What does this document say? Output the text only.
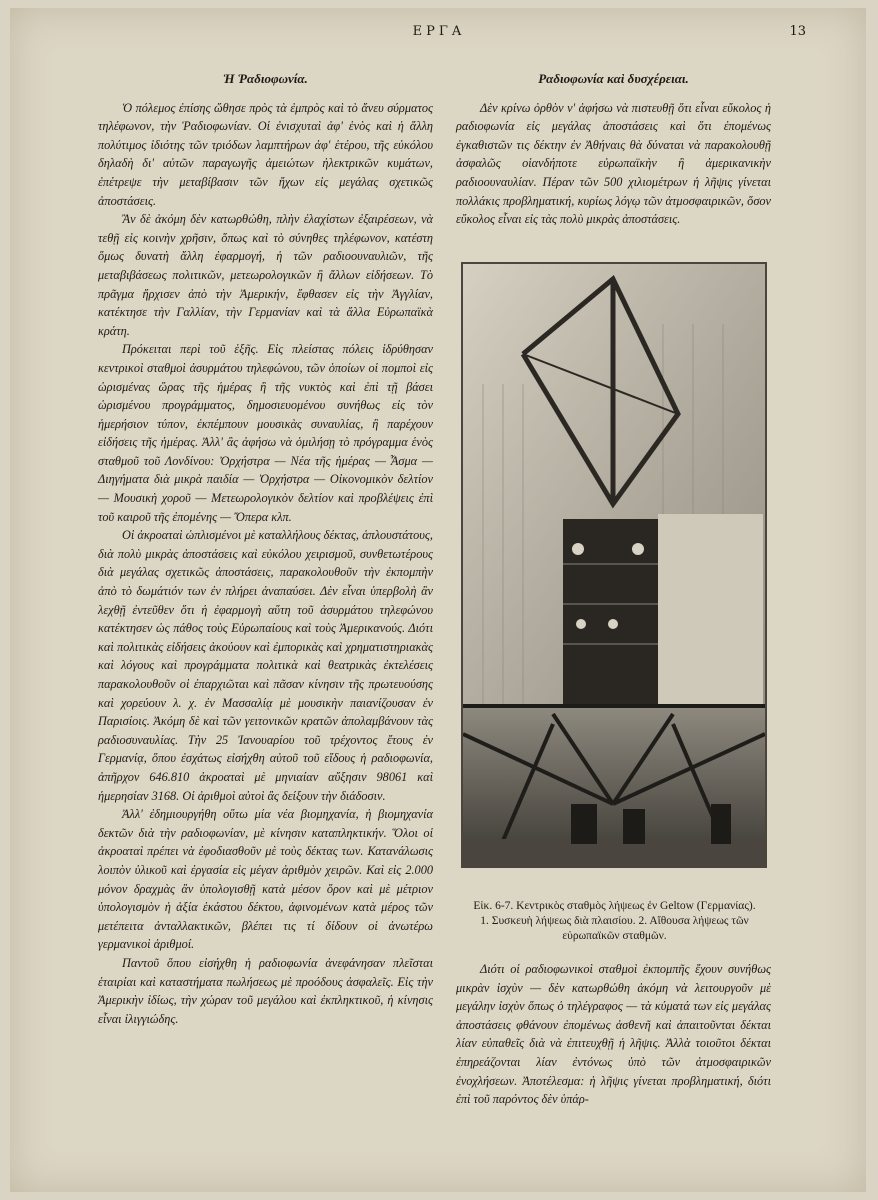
ΕΡΓΑ	13
Ἡ Ῥαδιοφωνία.

Ὁ πόλεμος ἐπίσης ὤθησε πρὸς τὰ ἐμπρὸς καὶ τὸ ἄνευ σύρματος τηλέφωνον, τὴν Ῥαδιοφωνίαν. Οἱ ἐνισχυταὶ ἀφ' ἑνὸς καὶ ἡ ἄλλη πολύτιμος ἰδιότης τῶν τριόδων λαμπτήρων ἀφ' ἑτέρου, τῆς εὐκόλου δηλαδὴ δι' αὐτῶν παραγωγῆς ἀμειώτων ἠλεκτρικῶν κυμάτων, ἐπέτρεψε τὴν μεταβίβασιν τῶν ἤχων εἰς μεγάλας σχετικῶς ἀποστάσεις.

Ἂν δὲ ἀκόμη δὲν κατωρθώθη, πλὴν ἐλαχίστων ἐξαιρέσεων, νὰ τεθῇ εἰς κοινὴν χρῆσιν, ὅπως καὶ τὸ σύνηθες τηλέφωνον, κατέστη ὅμως δυνατὴ ἄλλη ἐφαρμογή, ἡ τῶν ραδιοουναυλιῶν, τῆς μεταβιβάσεως πολιτικῶν, μετεωρολογικῶν ἢ ἄλλων εἰδήσεων. Τὸ πρᾶγμα ἤρχισεν ἀπὸ τὴν Ἀμερικήν, ἔφθασεν εἰς τὴν Ἀγγλίαν, κατέκτησε τὴν Γαλλίαν, τὴν Γερμανίαν καὶ τὰ ἄλλα Εὐρωπαϊκὰ κράτη.

Πρόκειται περὶ τοῦ ἑξῆς. Εἰς πλείστας πόλεις ἱδρύθησαν κεντρικοὶ σταθμοὶ ἀσυρμάτου τηλεφώνου, τῶν ὁποίων οἱ πομποὶ εἰς ὡρισμένας ὥρας τῆς ἡμέρας ἢ τῆς νυκτὸς καὶ ἐπὶ τῇ βάσει ὡρισμένου προγράμματος, δημοσιευομένου συνήθως εἰς τὸν ἡμερήσιον τύπον, ἐκπέμπουν μουσικὰς συναυλίας, ἢ παρέχουν εἰδήσεις τῆς ἡμέρας. Ἀλλ' ἂς ἀφήσω νὰ ὁμιλήσῃ τὸ πρόγραμμα ἑνὸς σταθμοῦ τοῦ Λονδίνου: Ὀρχήστρα — Νέα τῆς ἡμέρας — Ἆσμα — Διηγήματα διὰ μικρὰ παιδία — Ὀρχήστρα — Οἰκονομικὸν δελτίον — Μουσικὴ χοροῦ — Μετεωρολογικὸν δελτίον καὶ προβλέψεις ἐπὶ τοῦ καιροῦ τῆς ἐπομένης — Ὄπερα κλπ.

Οἱ ἀκροαταὶ ὡπλισμένοι μὲ καταλλήλους δέκτας, ἁπλουστάτους, διὰ πολὺ μικρὰς ἀποστάσεις καὶ εὐκόλου χειρισμοῦ, συνθετωτέρους διὰ μεγάλας σχετικῶς ἀποστάσεις, παρακολουθοῦν τὴν ἐκπομπὴν ἀπὸ τὸ δωμάτιόν των ἐν πλήρει ἀναπαύσει. Δὲν εἶναι ὑπερβολὴ ἂν λεχθῇ ἐντεῦθεν ὅτι ἡ ἐφαρμογὴ αὕτη τοῦ ἀσυρμάτου τηλεφώνου κατέκτησεν ὡς πάθος τοὺς Εὐρωπαίους καὶ τοὺς Ἀμερικανούς. Διότι καὶ πολιτικὰς εἰδήσεις ἀκούουν καὶ ἐμπορικὰς καὶ χρηματιστηριακὰς καὶ λόγους καὶ προγράμματα πολιτικὰ καὶ θεατρικὰς ἐκτελέσεις παρακολουθοῦν οἱ ἐπαρχιῶται καὶ πᾶσαν κίνησιν τῆς πρωτευούσης καὶ χορεύουν λ. χ. ἐν Μασσαλίᾳ μὲ μουσικὴν παιανίζουσαν ἐν Παρισίοις. Ἀκόμη δὲ καὶ τῶν γειτονικῶν κρατῶν ἀπολαμβάνουν τὰς ραδιοσυναυλίας. Τὴν 25 Ἰανουαρίου τοῦ τρέχοντος ἔτους ἐν Γερμανίᾳ, ὅπου ἐσχάτως εἰσήχθη αὐτοῦ τοῦ εἴδους ἡ ραδιοφωνία, ἀπῆρχον 646.810 ἀκροαταὶ μὲ μηνιαίαν αὔξησιν 98061 καὶ ἡμερησίαν 3168. Οἱ ἀριθμοὶ αὐτοὶ ἂς δείξουν τὴν διάδοσιν.

Ἀλλ' ἐδημιουργήθη οὕτω μία νέα βιομηχανία, ἡ βιομηχανία δεκτῶν διὰ τὴν ραδιοφωνίαν, μὲ κίνησιν καταπληκτικήν. Ὅλοι οἱ ἀκροαταὶ πρέπει νὰ ἐφοδιασθοῦν μὲ τοὺς δέκτας των. Κατανάλωσις λοιπὸν ὑλικοῦ καὶ ἐργασία εἰς μέγαν ἀριθμὸν χειρῶν. Καὶ εἰς 2.000 μόνον δραχμὰς ἂν ὑπολογισθῇ κατὰ μέσον ὅρον καὶ μὲ μέτριον ὑπολογισμὸν ἡ ἀξία ἑκάστου δέκτου, ἀφινομένων κατὰ μέρος τῶν μετέπειτα ἀνταλλακτικῶν, βλέπει τις τί δίδουν οἱ ἀνωτέρω γερμανικοὶ ἀριθμοί.

Παντοῦ ὅπου εἰσήχθη ἡ ραδιοφωνία ἀνεφάνησαν πλεῖσται ἑταιρίαι καὶ καταστήματα πωλήσεως μὲ προόδους ἀσφαλεῖς. Εἰς τὴν Ἀμερικὴν ἰδίως, τὴν χώραν τοῦ μεγάλου καὶ ἐκπληκτικοῦ, ἡ κίνησις εἶναι ἰλιγγιώδης.

Ραδιοφωνία καὶ δυσχέρειαι.

Δὲν κρίνω ὀρθὸν ν' ἀφήσω νὰ πιστευθῇ ὅτι εἶναι εὔκολος ἡ ραδιοφωνία εἰς μεγάλας ἀποστάσεις καὶ ὅτι ἐπομένως ἐγκαθιστῶν τις δέκτην ἐν Ἀθήναις θὰ δύναται νὰ παρακολουθῇ ἀσφαλῶς οἱανδήποτε εὐρωπαϊκὴν ἢ ἀμερικανικὴν ραδιοουναυλίαν. Πέραν τῶν 500 χιλιομέτρων ἡ λῆψις γίνεται πολλάκις προβληματική, κυρίως λόγῳ τῶν ἀτμοσφαιρικῶν, ὅσον εὔκολος εἶναι εἰς τὰς πολὺ μικρὰς ἀποστάσεις.

Εἰκ. 6-7. Κεντρικὸς σταθμὸς λήψεως ἐν Geltow (Γερμανίας).
1. Συσκευὴ λήψεως διὰ πλαισίου. 2. Αἴθουσα λήψεως τῶν
εὐρωπαϊκῶν σταθμῶν.

Διότι οἱ ραδιοφωνικοὶ σταθμοὶ ἐκπομπῆς ἔχουν συνήθως μικρὰν ἰσχὺν — δὲν κατωρθώθη ἀκόμη νὰ λειτουργοῦν μὲ μεγάλην ἰσχὺν ὅπως ὁ τηλέγραφος — τὰ κύματά των εἰς μεγάλας ἀποστάσεις φθάνουν ἐπομένως ἀσθενῆ καὶ ἀπαιτοῦνται δέκται λίαν εὐπαθεῖς διὰ νὰ ἐπιτευχθῇ ἡ λῆψις. Ἀλλὰ τοιοῦτοι δέκται ἐπηρεάζονται λίαν ἐντόνως ὑπὸ τῶν ἀτμοσφαιρικῶν ἐνοχλήσεων. Ἀποτέλεσμα: ἡ λῆψις γίνεται προβληματική, διότι ἐπὶ τοῦ παρόντος δὲν ὑπάρ-
